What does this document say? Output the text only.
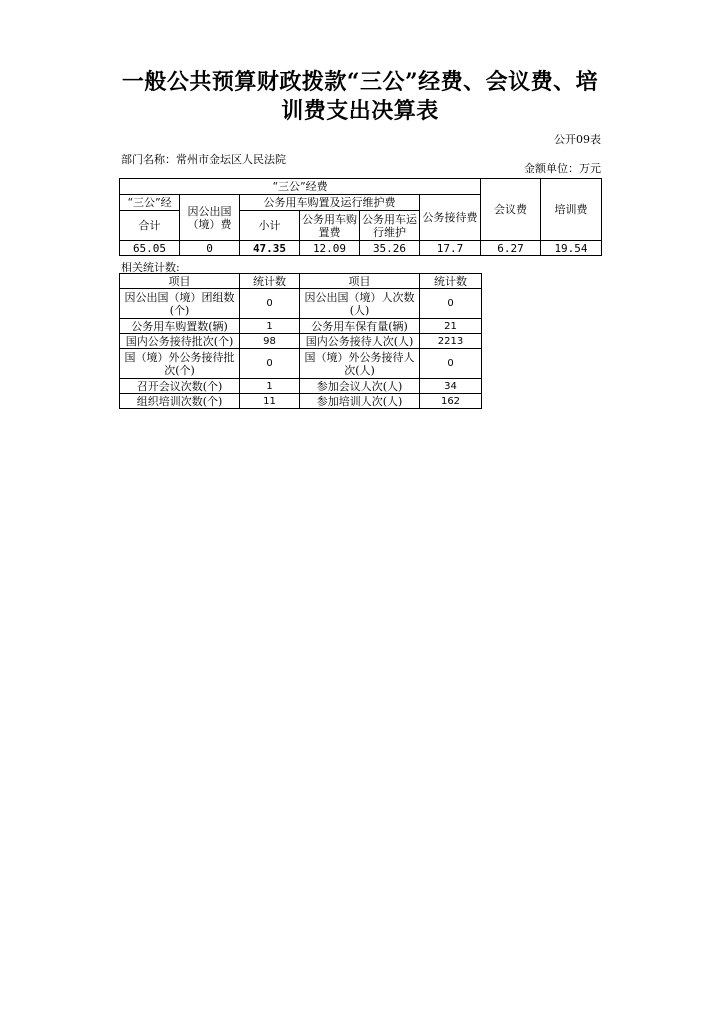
一般公共预算财政拨款“三公”经费、会议费、培训费支出决算表
公开09表
部门名称：常州市金坛区人民法院
金额单位：万元
“三公”经费						会议费	培训费
“三公”经	因公出国（境）费	公务用车购置及运行维护费			公务接待费		
合计		小计	公务用车购置费	公务用车运行维护			
65.05	0	47.35	12.09	35.26	17.7	6.27	19.54
相关统计数:
项目	统计数	项目	统计数
因公出国（境）团组数(个)	0	因公出国（境）人次数(人)	0
公务用车购置数(辆)	1	公务用车保有量(辆)	21
国内公务接待批次(个)	98	国内公务接待人次(人)	2213
国（境）外公务接待批次(个)	0	国（境）外公务接待人次(人)	0
召开会议次数(个)	1	参加会议人次(人)	34
组织培训次数(个)	11	参加培训人次(人)	162
